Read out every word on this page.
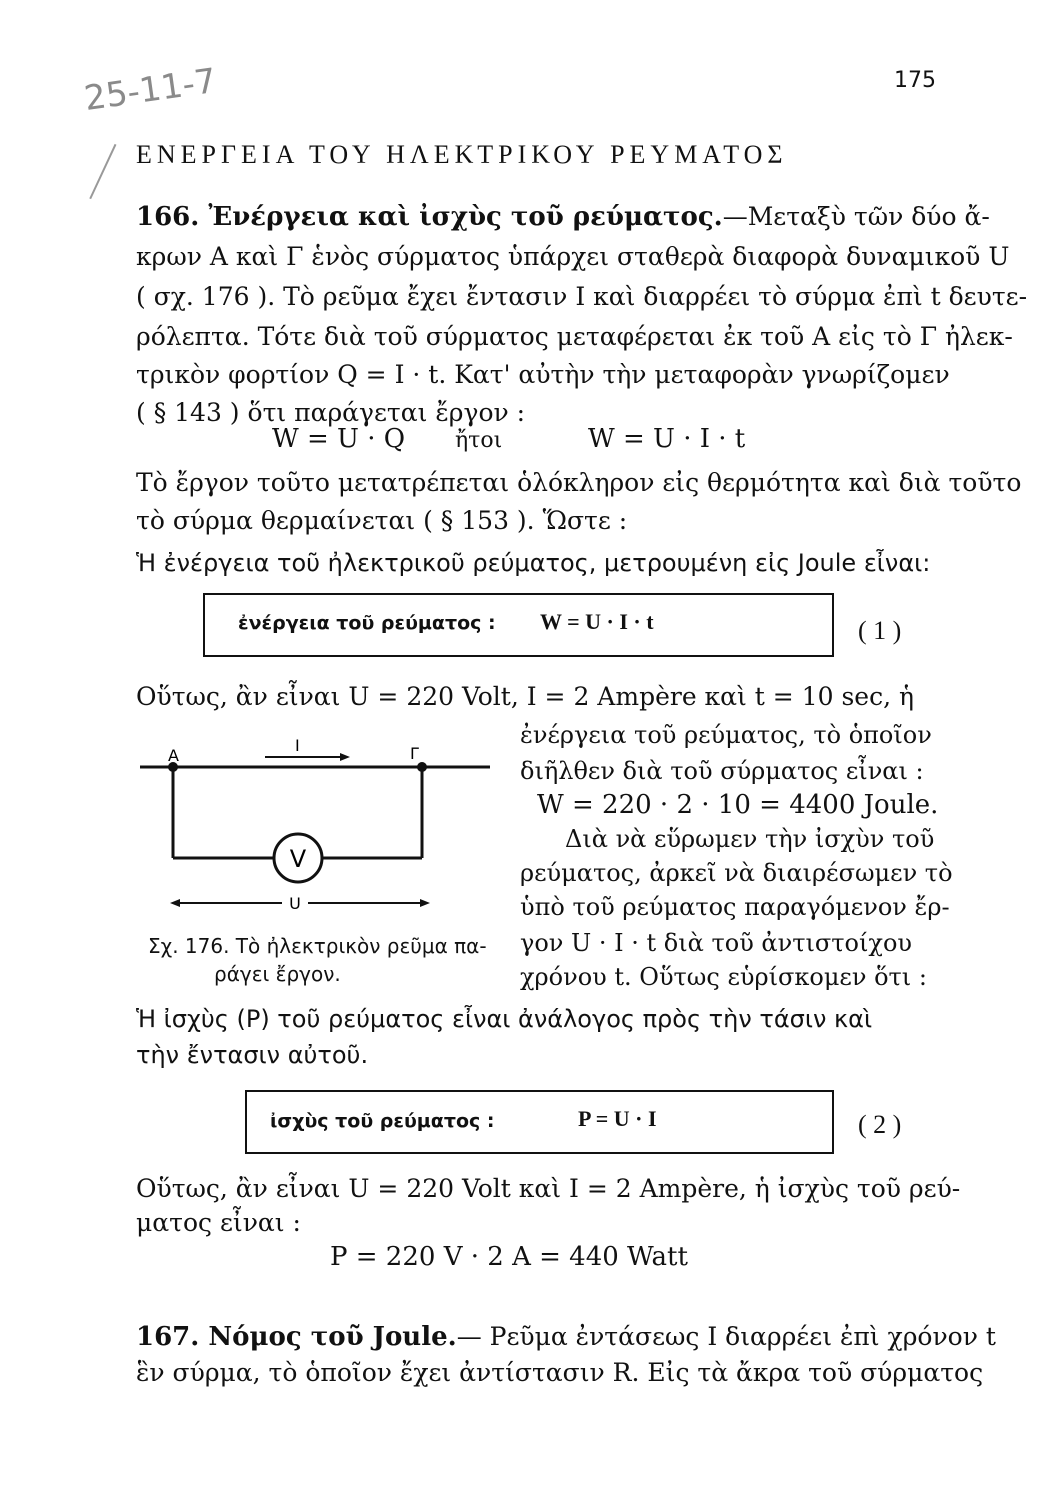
25-11-7	175
ΕΝΕΡΓΕΙΑ ΤΟΥ ΗΛΕΚΤΡΙΚΟΥ ΡΕΥΜΑΤΟΣ
166. Ἐνέργεια καὶ ἰσχὺς τοῦ ρεύματος.—Μεταξὺ τῶν δύο ἄ-
κρων Α καὶ Γ ἑνὸς σύρματος ὑπάρχει σταθερὰ διαφορὰ δυναμικοῦ U
( σχ. 176 ). Τὸ ρεῦμα ἔχει ἔντασιν I καὶ διαρρέει τὸ σύρμα ἐπὶ t δευτε-
ρόλεπτα. Τότε διὰ τοῦ σύρματος μεταφέρεται ἐκ τοῦ Α εἰς τὸ Γ ἠλεκ-
τρικὸν φορτίον Q = I · t. Κατ' αὐτὴν τὴν μεταφορὰν γνωρίζομεν
( § 143 ) ὅτι παράγεται ἔργον :
W = U · Q ἤτοι	W = U · I · t
Τὸ ἔργον τοῦτο μετατρέπεται ὁλόκληρον εἰς θερμότητα καὶ διὰ τοῦτο
τὸ σύρμα θερμαίνεται ( § 153 ). Ὥστε :
Ἡ ἐνέργεια τοῦ ἠλεκτρικοῦ ρεύματος, μετρουμένη εἰς Joule εἶναι:
ἐνέργεια τοῦ ρεύματος : W = U · I · t	( 1 )
Οὕτως, ἂν εἶναι U = 220 Volt, I = 2 Ampère καὶ t = 10 sec, ἡ
ἐνέργεια τοῦ ρεύματος, τὸ ὁποῖον
διῆλθεν διὰ τοῦ σύρματος εἶναι :
W = 220 · 2 · 10 = 4400 Joule.
Διὰ νὰ εὕρωμεν τὴν ἰσχὺν τοῦ
ρεύματος, ἀρκεῖ νὰ διαιρέσωμεν τὸ
ὑπὸ τοῦ ρεύματος παραγόμενον ἔρ-
γον U · I · t διὰ τοῦ ἀντιστοίχου
χρόνου t. Οὕτως εὑρίσκομεν ὅτι :
V
A	Γ
I
U
Σχ. 176. Τὸ ἠλεκτρικὸν ρεῦμα πα-
ράγει ἔργον.
Ἡ ἰσχὺς (P) τοῦ ρεύματος εἶναι ἀνάλογος πρὸς τὴν τάσιν καὶ
τὴν ἔντασιν αὐτοῦ.
ἰσχὺς τοῦ ρεύματος :	P = U · I	( 2 )
Οὕτως, ἂν εἶναι U = 220 Volt καὶ I = 2 Ampère, ἡ ἰσχὺς τοῦ ρεύ-
ματος εἶναι :
P = 220 V · 2 A = 440 Watt
167. Νόμος τοῦ Joule.— Ρεῦμα ἐντάσεως I διαρρέει ἐπὶ χρόνον t
ἓν σύρμα, τὸ ὁποῖον ἔχει ἀντίστασιν R. Εἰς τὰ ἄκρα τοῦ σύρματος
